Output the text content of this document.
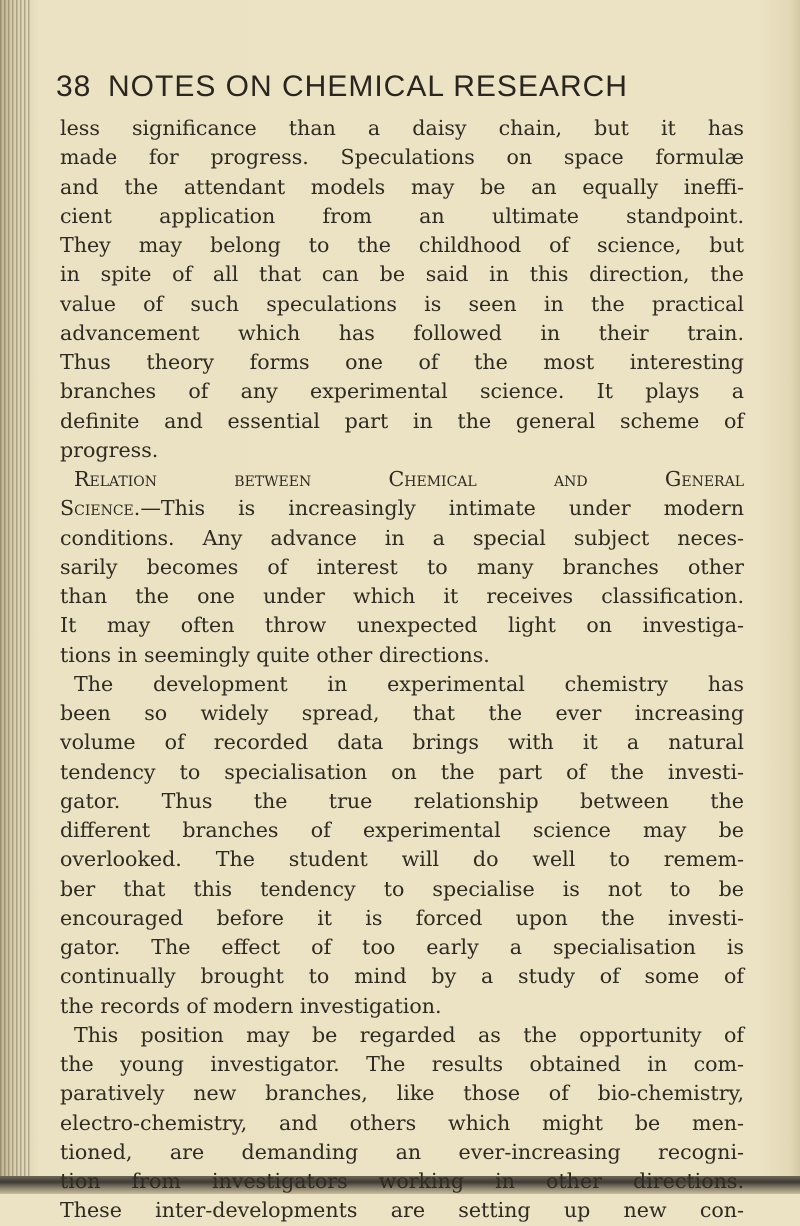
38 NOTES ON CHEMICAL RESEARCH
less significance than a daisy chain, but it has
made for progress. Speculations on space formulæ
and the attendant models may be an equally ineffi-
cient application from an ultimate standpoint.
They may belong to the childhood of science, but
in spite of all that can be said in this direction, the
value of such speculations is seen in the practical
advancement which has followed in their train.
Thus theory forms one of the most interesting
branches of any experimental science. It plays a
definite and essential part in the general scheme of
progress.
Relation between Chemical and General
Science.—This is increasingly intimate under modern
conditions. Any advance in a special subject neces-
sarily becomes of interest to many branches other
than the one under which it receives classification.
It may often throw unexpected light on investiga-
tions in seemingly quite other directions.
The development in experimental chemistry has
been so widely spread, that the ever increasing
volume of recorded data brings with it a natural
tendency to specialisation on the part of the investi-
gator. Thus the true relationship between the
different branches of experimental science may be
overlooked. The student will do well to remem-
ber that this tendency to specialise is not to be
encouraged before it is forced upon the investi-
gator. The effect of too early a specialisation is
continually brought to mind by a study of some of
the records of modern investigation.
This position may be regarded as the opportunity of
the young investigator. The results obtained in com-
paratively new branches, like those of bio-chemistry,
electro-chemistry, and others which might be men-
tioned, are demanding an ever-increasing recogni-
tion from investigators working in other directions.
These inter-developments are setting up new con-
